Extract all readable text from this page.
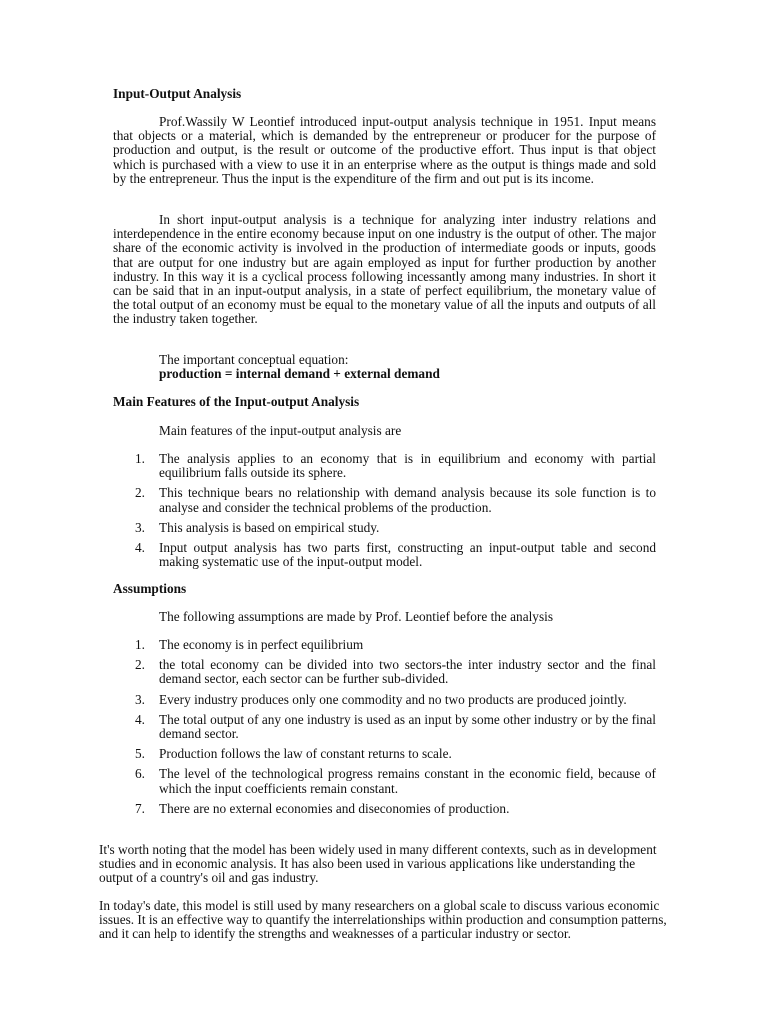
Input-Output Analysis

Prof.Wassily W Leontief introduced input-output analysis technique in 1951. Input means that objects or a material, which is demanded by the entrepreneur or producer for the purpose of production and output, is the result or outcome of the productive effort. Thus input is that object which is purchased with a view to use it in an enterprise where as the output is things made and sold by the entrepreneur. Thus the input is the expenditure of the firm and out put is its income.

In short input-output analysis is a technique for analyzing inter industry relations and interdependence in the entire economy because input on one industry is the output of other. The major share of the economic activity is involved in the production of intermediate goods or inputs, goods that are output for one industry but are again employed as input for further production by another industry. In this way it is a cyclical process following incessantly among many industries. In short it can be said that in an input-output analysis, in a state of perfect equilibrium, the monetary value of the total output of an economy must be equal to the monetary value of all the inputs and outputs of all the industry taken together.

The important conceptual equation:
production = internal demand + external demand
Main Features of the Input-output Analysis
Main features of the input-output analysis are
1. The analysis applies to an economy that is in equilibrium and economy with partial equilibrium falls outside its sphere.
2. This technique bears no relationship with demand analysis because its sole function is to analyse and consider the technical problems of the production.
3. This analysis is based on empirical study.
4. Input output analysis has two parts first, constructing an input-output table and second making systematic use of the input-output model.
Assumptions
The following assumptions are made by Prof. Leontief before the analysis
1. The economy is in perfect equilibrium
2. the total economy can be divided into two sectors-the inter industry sector and the final demand sector, each sector can be further sub-divided.
3. Every industry produces only one commodity and no two products are produced jointly.
4. The total output of any one industry is used as an input by some other industry or by the final demand sector.
5. Production follows the law of constant returns to scale.
6. The level of the technological progress remains constant in the economic field, because of which the input coefficients remain constant.
7. There are no external economies and diseconomies of production.

It's worth noting that the model has been widely used in many different contexts, such as in development studies and in economic analysis. It has also been used in various applications like understanding the output of a country's oil and gas industry.

In today's date, this model is still used by many researchers on a global scale to discuss various economic issues. It is an effective way to quantify the interrelationships within production and consumption patterns, and it can help to identify the strengths and weaknesses of a particular industry or sector.
